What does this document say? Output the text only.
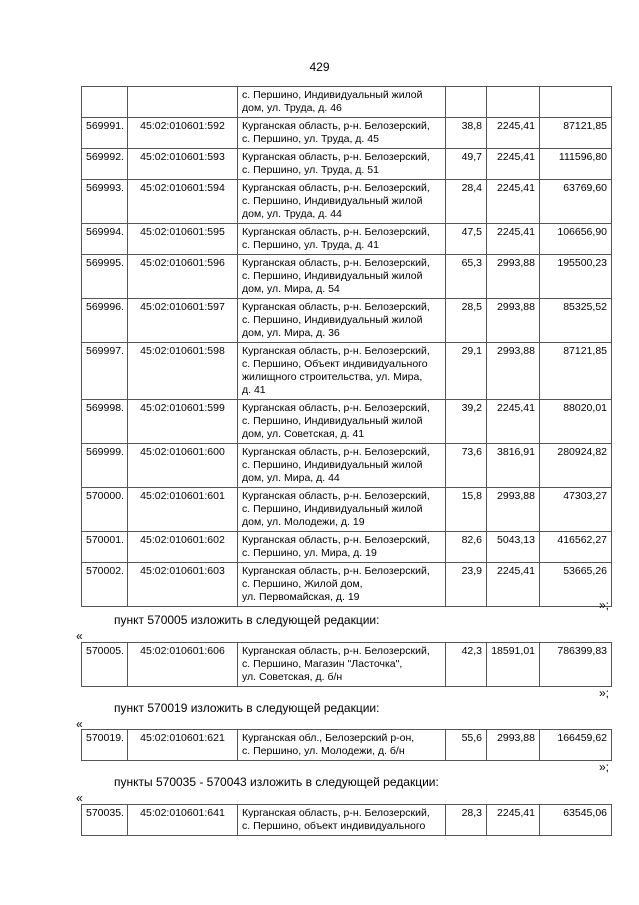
429

		с. Першино, Индивидуальный жилой
дом, ул. Труда, д. 46			

569991.	45:02:010601:592	Курганская область, р-н. Белозерский,
с. Першино, ул. Труда, д. 45	38,8	2245,41	87121,85
569992.	45:02:010601:593	Курганская область, р-н. Белозерский,
с. Першино, ул. Труда, д. 51	49,7	2245,41	111596,80
569993.	45:02:010601:594	Курганская область, р-н. Белозерский,
с. Першино, Индивидуальный жилой
дом, ул. Труда, д. 44	28,4	2245,41	63769,60
569994.	45:02:010601:595	Курганская область, р-н. Белозерский,
с. Першино, ул. Труда, д. 41	47,5	2245,41	106656,90
569995.	45:02:010601:596	Курганская область, р-н. Белозерский,
с. Першино, Индивидуальный жилой
дом, ул. Мира, д. 54	65,3	2993,88	195500,23
569996.	45:02:010601:597	Курганская область, р-н. Белозерский,
с. Першино, Индивидуальный жилой
дом, ул. Мира, д. 36	28,5	2993,88	85325,52
569997.	45:02:010601:598	Курганская область, р-н. Белозерский,
с. Першино, Объект индивидуального
жилищного строительства, ул. Мира,
д. 41	29,1	2993,88	87121,85
569998.	45:02:010601:599	Курганская область, р-н. Белозерский,
с. Першино, Индивидуальный жилой
дом, ул. Советская, д. 41	39,2	2245,41	88020,01
569999.	45:02:010601:600	Курганская область, р-н. Белозерский,
с. Першино, Индивидуальный жилой
дом, ул. Мира, д. 44	73,6	3816,91	280924,82
570000.	45:02:010601:601	Курганская область, р-н. Белозерский,
с. Першино, Индивидуальный жилой
дом, ул. Молодежи, д. 19	15,8	2993,88	47303,27
570001.	45:02:010601:602	Курганская область, р-н. Белозерский,
с. Першино, ул. Мира, д. 19	82,6	5043,13	416562,27
570002.	45:02:010601:603	Курганская область, р-н. Белозерский,
с. Першино, Жилой дом,
ул. Первомайская, д. 19	23,9	2245,41	53665,26
»;
пункт 570005 изложить в следующей редакции:
«
570005.	45:02:010601:606	Курганская область, р-н. Белозерский,
с. Першино, Магазин "Ласточка",
ул. Советская, д. б/н
	42,3	18591,01	786399,83
»;
пункт 570019 изложить в следующей редакции:
«
570019.	45:02:010601:621	Курганская обл., Белозерский р-он,
с. Першино, ул. Молодежи, д. б/н
	55,6	2993,88	166459,62
»;
пункты 570035 - 570043 изложить в следующей редакции:
«
570035.	45:02:010601:641	Курганская область, р-н. Белозерский,
с. Першино, объект индивидуального
	28,3	2245,41	63545,06
